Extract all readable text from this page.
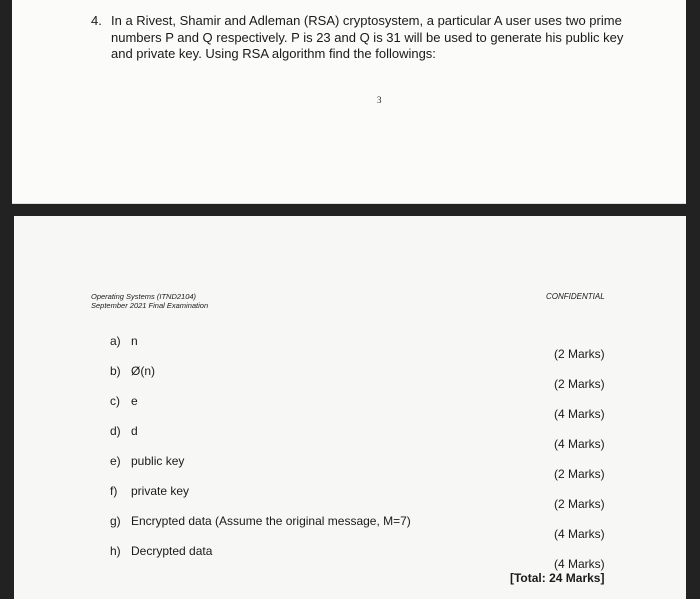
4. In a Rivest, Shamir and Adleman (RSA) cryptosystem, a particular A user uses two prime numbers P and Q respectively. P is 23 and Q is 31 will be used to generate his public key and private key. Using RSA algorithm find the followings:
3
Operating Systems (ITND2104)
September 2021 Final Examination
CONFIDENTIAL
a) n
(2 Marks)
b) Ø(n)
(2 Marks)
c) e
(4 Marks)
d) d
(4 Marks)
e) public key
(2 Marks)
f) private key
(2 Marks)
g) Encrypted data (Assume the original message, M=7)
(4 Marks)
h) Decrypted data
(4 Marks)
[Total: 24 Marks]
